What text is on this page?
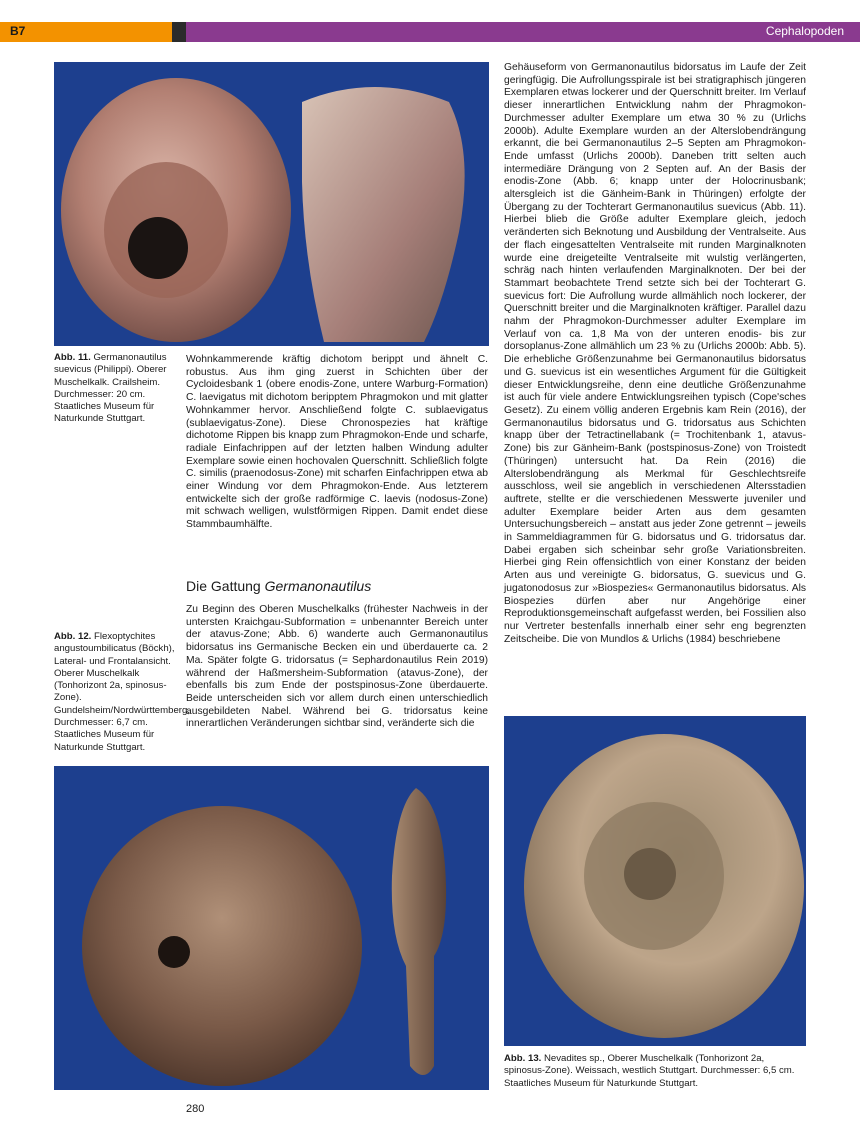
B7	Cephalopoden
Abb. 11. Germanonautilus suevicus (Philippi). Oberer Muschelkalk. Crailsheim. Durchmesser: 20 cm. Staatliches Museum für Naturkunde Stuttgart.

Wohnkammerende kräftig dichotom berippt und ähnelt C. robustus. Aus ihm ging zuerst in Schichten über der Cycloidesbank 1 (obere enodis-Zone, untere Warburg-Formation) C. laevigatus mit dichotom beripptem Phragmokon und mit glatter Wohnkammer hervor. Anschließend folgte C. sublaevigatus (sublaevigatus-Zone). Diese Chronospezies hat kräftige dichotome Rippen bis knapp zum Phragmokon-Ende und scharfe, radiale Einfachrippen auf der letzten halben Windung adulter Exemplare sowie einen hochovalen Querschnitt. Schließlich folgte C. similis (praenodosus-Zone) mit scharfen Einfachrippen etwa ab einer Windung vor dem Phragmokon-Ende. Aus letzterem entwickelte sich der große radförmige C. laevis (nodosus-Zone) mit schwach welligen, wulstförmigen Rippen. Damit endet diese Stammbaumhälfte.

Die Gattung Germanonautilus

Zu Beginn des Oberen Muschelkalks (frühester Nachweis in der untersten Kraichgau-Subformation = unbenannter Bereich unter der atavus-Zone; Abb. 6) wanderte auch Germanonautilus bidorsatus ins Germanische Becken ein und überdauerte ca. 2 Ma. Später folgte G. tridorsatus (= Sephardonautilus Rein 2019) während der Haßmersheim-Subformation (atavus-Zone), der ebenfalls bis zum Ende der postspinosus-Zone überdauerte. Beide unterscheiden sich vor allem durch einen unterschiedlich ausgebildeten Nabel. Während bei G. tridorsatus keine innerartlichen Veränderungen sichtbar sind, veränderte sich die

Abb. 12. Flexoptychites angustoumbilicatus (Böckh), Lateral- und Frontalansicht. Oberer Muschelkalk (Tonhorizont 2a, spinosus-Zone). Gundelsheim/Nordwürttemberg, Durchmesser: 6,7 cm. Staatliches Museum für Naturkunde Stuttgart.

Gehäuseform von Germanonautilus bidorsatus im Laufe der Zeit geringfügig. Die Aufrollungsspirale ist bei stratigraphisch jüngeren Exemplaren etwas lockerer und der Querschnitt breiter. Im Verlauf dieser innerartlichen Entwicklung nahm der Phragmokon-Durchmesser adulter Exemplare um etwa 30 % zu (Urlichs 2000b). Adulte Exemplare wurden an der Alterslobendrängung erkannt, die bei Germanonautilus 2–5 Septen am Phragmokon-Ende umfasst (Urlichs 2000b). Daneben tritt selten auch intermediäre Drängung von 2 Septen auf. An der Basis der enodis-Zone (Abb. 6; knapp unter der Holocrinusbank; altersgleich ist die Gänheim-Bank in Thüringen) erfolgte der Übergang zu der Tochterart Germanonautilus suevicus (Abb. 11). Hierbei blieb die Größe adulter Exemplare gleich, jedoch veränderten sich Beknotung und Ausbildung der Ventralseite. Aus der flach eingesattelten Ventralseite mit runden Marginalknoten wurde eine dreigeteilte Ventralseite mit wulstig verlängerten, schräg nach hinten verlaufenden Marginalknoten. Der bei der Stammart beobachtete Trend setzte sich bei der Tochterart G. suevicus fort: Die Aufrollung wurde allmählich noch lockerer, der Querschnitt breiter und die Marginalknoten kräftiger. Parallel dazu nahm der Phragmokon-Durchmesser adulter Exemplare im Verlauf von ca. 1,8 Ma von der unteren enodis- bis zur dorsoplanus-Zone allmählich um 23 % zu (Urlichs 2000b: Abb. 5). Die erhebliche Größenzunahme bei Germanonautilus bidorsatus und G. suevicus ist ein wesentliches Argument für die Gültigkeit dieser Entwicklungsreihe, denn eine deutliche Größenzunahme ist auch für viele andere Entwicklungsreihen typisch (Cope'sches Gesetz). Zu einem völlig anderen Ergebnis kam Rein (2016), der Germanonautilus bidorsatus und G. tridorsatus aus Schichten knapp über der Tetractinellabank (= Trochitenbank 1, atavus-Zone) bis zur Gänheim-Bank (postspinosus-Zone) von Troistedt (Thüringen) untersucht hat. Da Rein (2016) die Alterslobendrängung als Merkmal für Geschlechtsreife ausschloss, weil sie angeblich in verschiedenen Altersstadien auftrete, stellte er die verschiedenen Messwerte juveniler und adulter Exemplare beider Arten aus dem gesamten Untersuchungsbereich – anstatt aus jeder Zone getrennt – jeweils in Sammeldiagrammen für G. bidorsatus und G. tridorsatus dar. Dabei ergaben sich scheinbar sehr große Variationsbreiten. Hierbei ging Rein offensichtlich von einer Konstanz der beiden Arten aus und vereinigte G. bidorsatus, G. suevicus und G. jugatonodosus zur »Biospezies« Germanonautilus bidorsatus. Als Biospezies dürfen aber nur Angehörige einer Reproduktionsgemeinschaft aufgefasst werden, bei Fossilien also nur Vertreter bestenfalls innerhalb einer sehr eng begrenzten Zeitscheibe. Die von Mundlos & Urlichs (1984) beschriebene

Abb. 13. Nevadites sp., Oberer Muschelkalk (Tonhorizont 2a, spinosus-Zone). Weissach, westlich Stuttgart. Durchmesser: 6,5 cm. Staatliches Museum für Naturkunde Stuttgart.
280
